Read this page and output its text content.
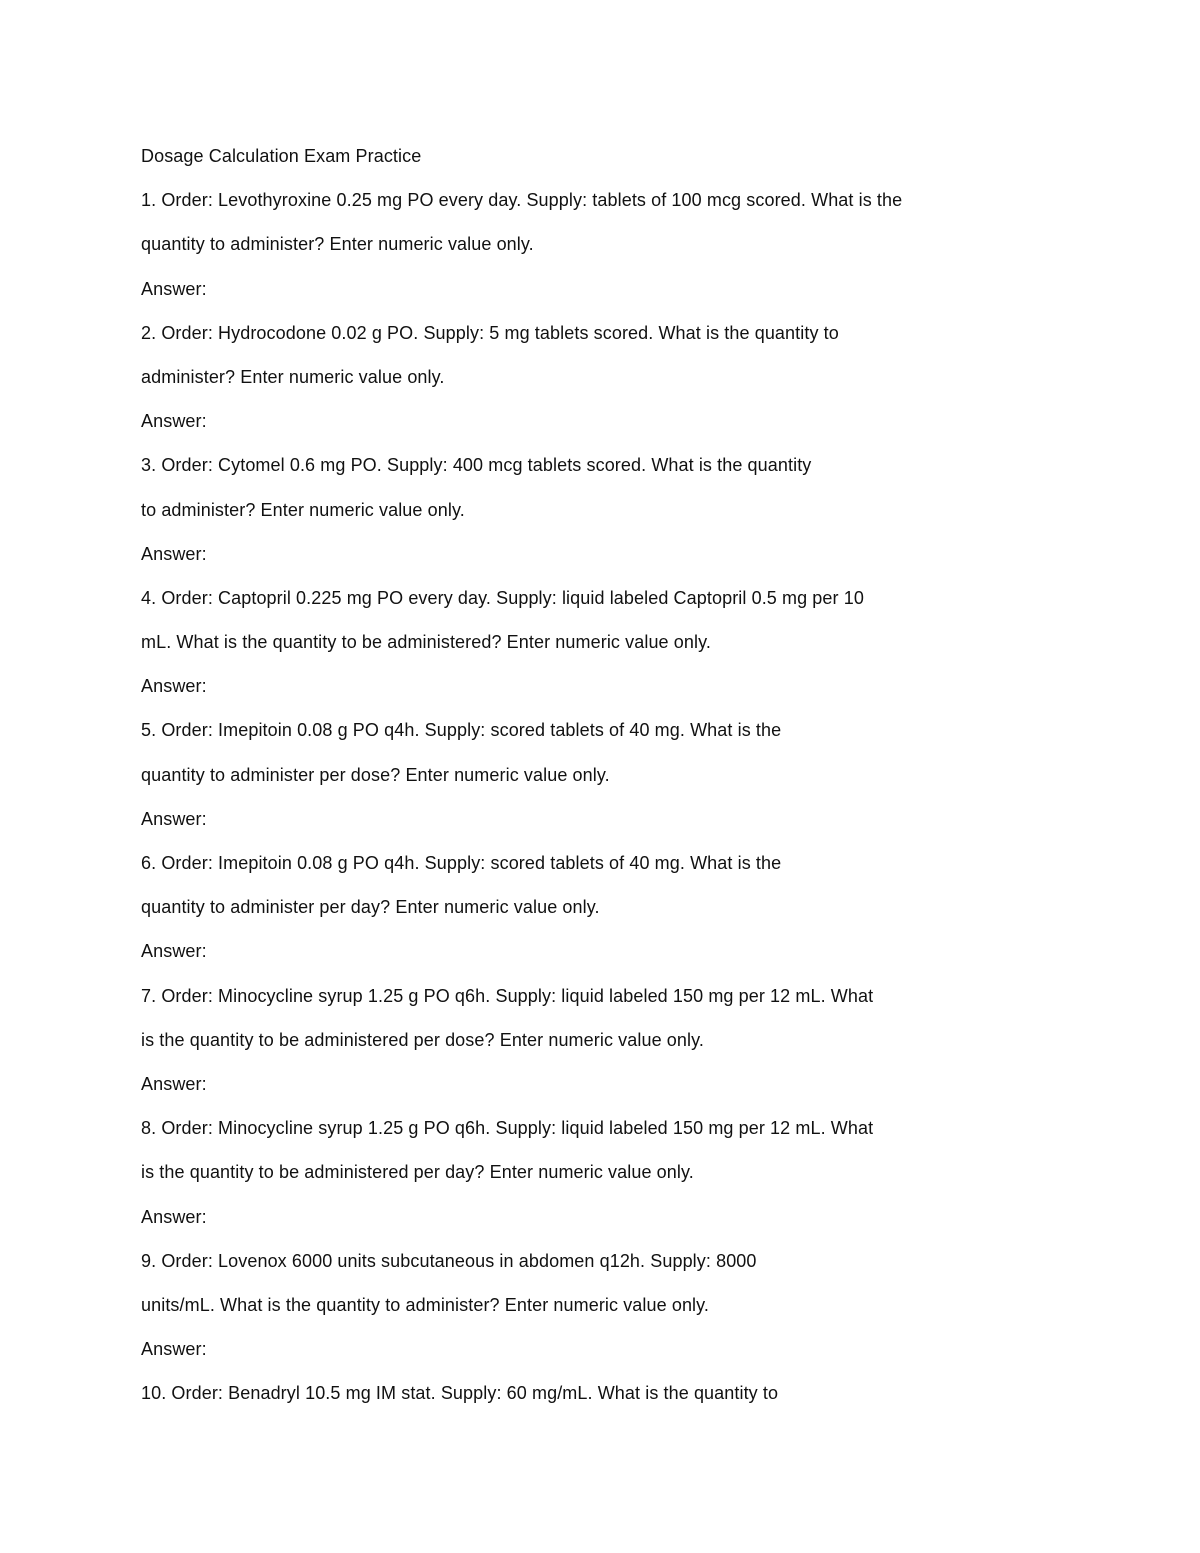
Dosage Calculation Exam Practice
1. Order: Levothyroxine 0.25 mg PO every day. Supply: tablets of 100 mcg scored. What is the
quantity to administer? Enter numeric value only.
Answer:
2. Order: Hydrocodone 0.02 g PO. Supply: 5 mg tablets scored. What is the quantity to
administer? Enter numeric value only.
Answer:
3. Order: Cytomel 0.6 mg PO. Supply: 400 mcg tablets scored. What is the quantity
to administer? Enter numeric value only.
Answer:
4. Order: Captopril 0.225 mg PO every day. Supply: liquid labeled Captopril 0.5 mg per 10
mL. What is the quantity to be administered? Enter numeric value only.
Answer:
5. Order: Imepitoin 0.08 g PO q4h. Supply: scored tablets of 40 mg. What is the
quantity to administer per dose? Enter numeric value only.
Answer:
6. Order: Imepitoin 0.08 g PO q4h. Supply: scored tablets of 40 mg. What is the
quantity to administer per day? Enter numeric value only.
Answer:
7. Order: Minocycline syrup 1.25 g PO q6h. Supply: liquid labeled 150 mg per 12 mL. What
is the quantity to be administered per dose? Enter numeric value only.
Answer:
8. Order: Minocycline syrup 1.25 g PO q6h. Supply: liquid labeled 150 mg per 12 mL. What
is the quantity to be administered per day? Enter numeric value only.
Answer:
9. Order: Lovenox 6000 units subcutaneous in abdomen q12h. Supply: 8000
units/mL. What is the quantity to administer? Enter numeric value only.
Answer:
10. Order: Benadryl 10.5 mg IM stat. Supply: 60 mg/mL. What is the quantity to
